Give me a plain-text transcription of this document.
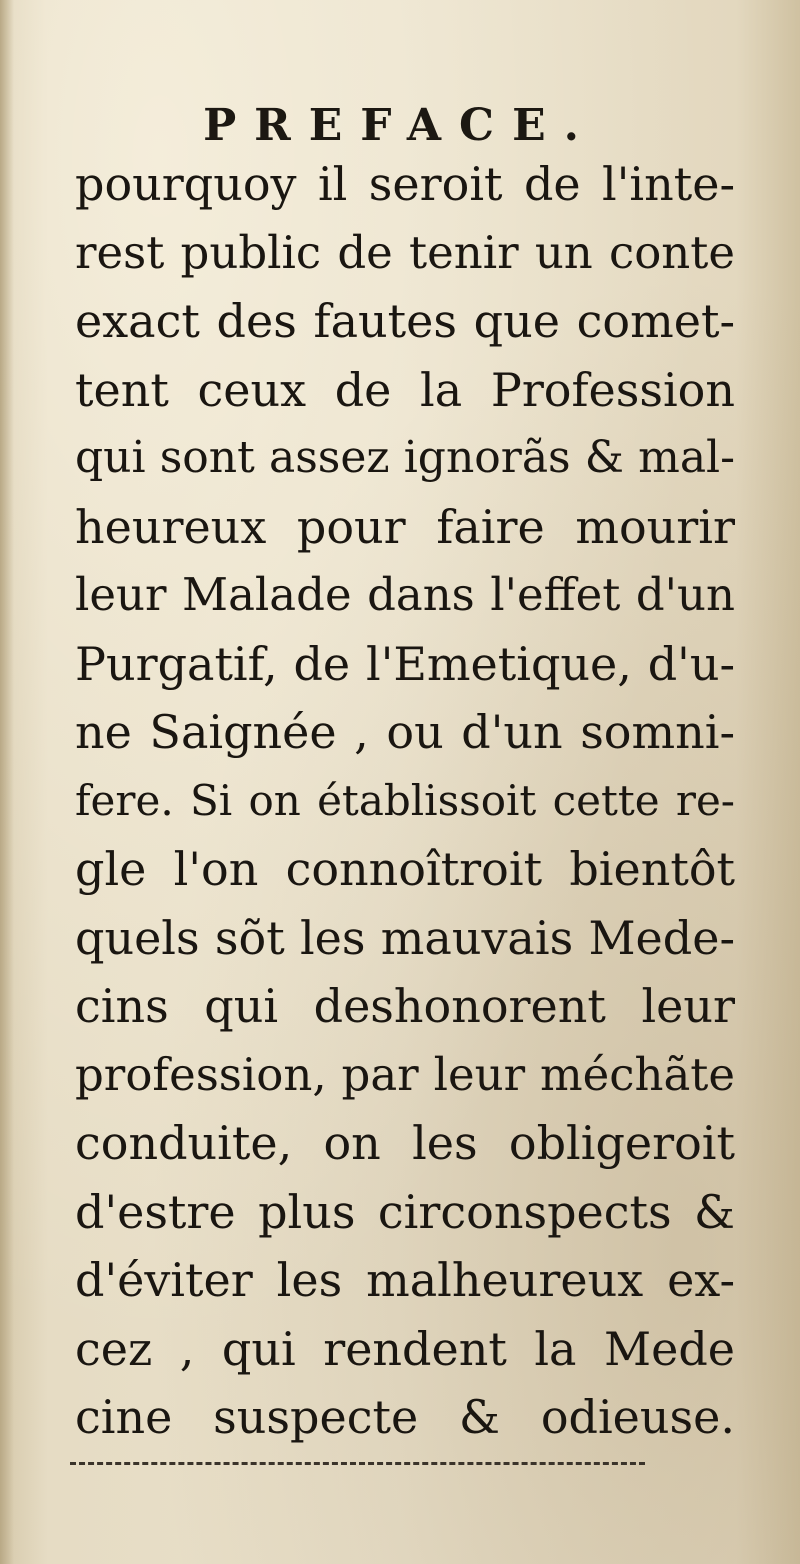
PREFACE.
pourquoy il seroit de l'inte-
rest public de tenir un conte
exact des fautes que comet-
tent ceux de la Profession
qui sont assez ignorãs & mal-
heureux pour faire mourir
leur Malade dans l'effet d'un
Purgatif, de l'Emetique, d'u-
ne Saignée , ou d'un somni-
fere. Si on établissoit cette re-
gle l'on connoîtroit bientôt
quels sõt les mauvais Mede-
cins qui deshonorent leur
profession, par leur méchãte
conduite, on les obligeroit
d'estre plus circonspects &
d'éviter les malheureux ex-
cez , qui rendent la Mede
cine suspecte & odieuse.
